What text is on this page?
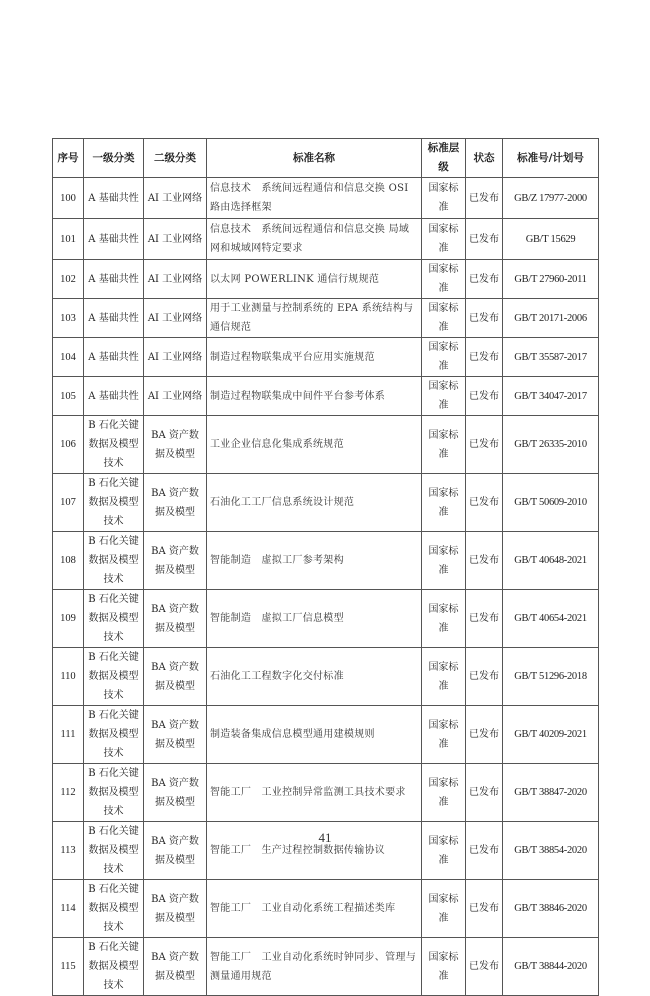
序号	一级分类	二级分类	标准名称	标准层级	状态	标准号/计划号
100	A 基础共性	AI 工业网络	信息技术　系统间远程通信和信息交换 OSI 路由选择框架	国家标准	已发布	GB/Z 17977-2000
101	A 基础共性	AI 工业网络	信息技术　系统间远程通信和信息交换 局域网和城域网特定要求	国家标准	已发布	GB/T 15629
102	A 基础共性	AI 工业网络	以太网 POWERLINK 通信行规规范	国家标准	已发布	GB/T 27960-2011
103	A 基础共性	AI 工业网络	用于工业测量与控制系统的 EPA 系统结构与通信规范	国家标准	已发布	GB/T 20171-2006
104	A 基础共性	AI 工业网络	制造过程物联集成平台应用实施规范	国家标准	已发布	GB/T 35587-2017
105	A 基础共性	AI 工业网络	制造过程物联集成中间件平台参考体系	国家标准	已发布	GB/T 34047-2017
106	B 石化关键数据及模型技术	BA 资产数据及模型	工业企业信息化集成系统规范	国家标准	已发布	GB/T 26335-2010
107	B 石化关键数据及模型技术	BA 资产数据及模型	石油化工工厂信息系统设计规范	国家标准	已发布	GB/T 50609-2010
108	B 石化关键数据及模型技术	BA 资产数据及模型	智能制造　虚拟工厂参考架构	国家标准	已发布	GB/T 40648-2021
109	B 石化关键数据及模型技术	BA 资产数据及模型	智能制造　虚拟工厂信息模型	国家标准	已发布	GB/T 40654-2021
110	B 石化关键数据及模型技术	BA 资产数据及模型	石油化工工程数字化交付标准	国家标准	已发布	GB/T 51296-2018
111	B 石化关键数据及模型技术	BA 资产数据及模型	制造装备集成信息模型通用建模规则	国家标准	已发布	GB/T 40209-2021
112	B 石化关键数据及模型技术	BA 资产数据及模型	智能工厂　工业控制异常监测工具技术要求	国家标准	已发布	GB/T 38847-2020
113	B 石化关键数据及模型技术	BA 资产数据及模型	智能工厂　生产过程控制数据传输协议	国家标准	已发布	GB/T 38854-2020
114	B 石化关键数据及模型技术	BA 资产数据及模型	智能工厂　工业自动化系统工程描述类库	国家标准	已发布	GB/T 38846-2020
115	B 石化关键数据及模型技术	BA 资产数据及模型	智能工厂　工业自动化系统时钟同步、管理与测量通用规范	国家标准	已发布	GB/T 38844-2020
41
